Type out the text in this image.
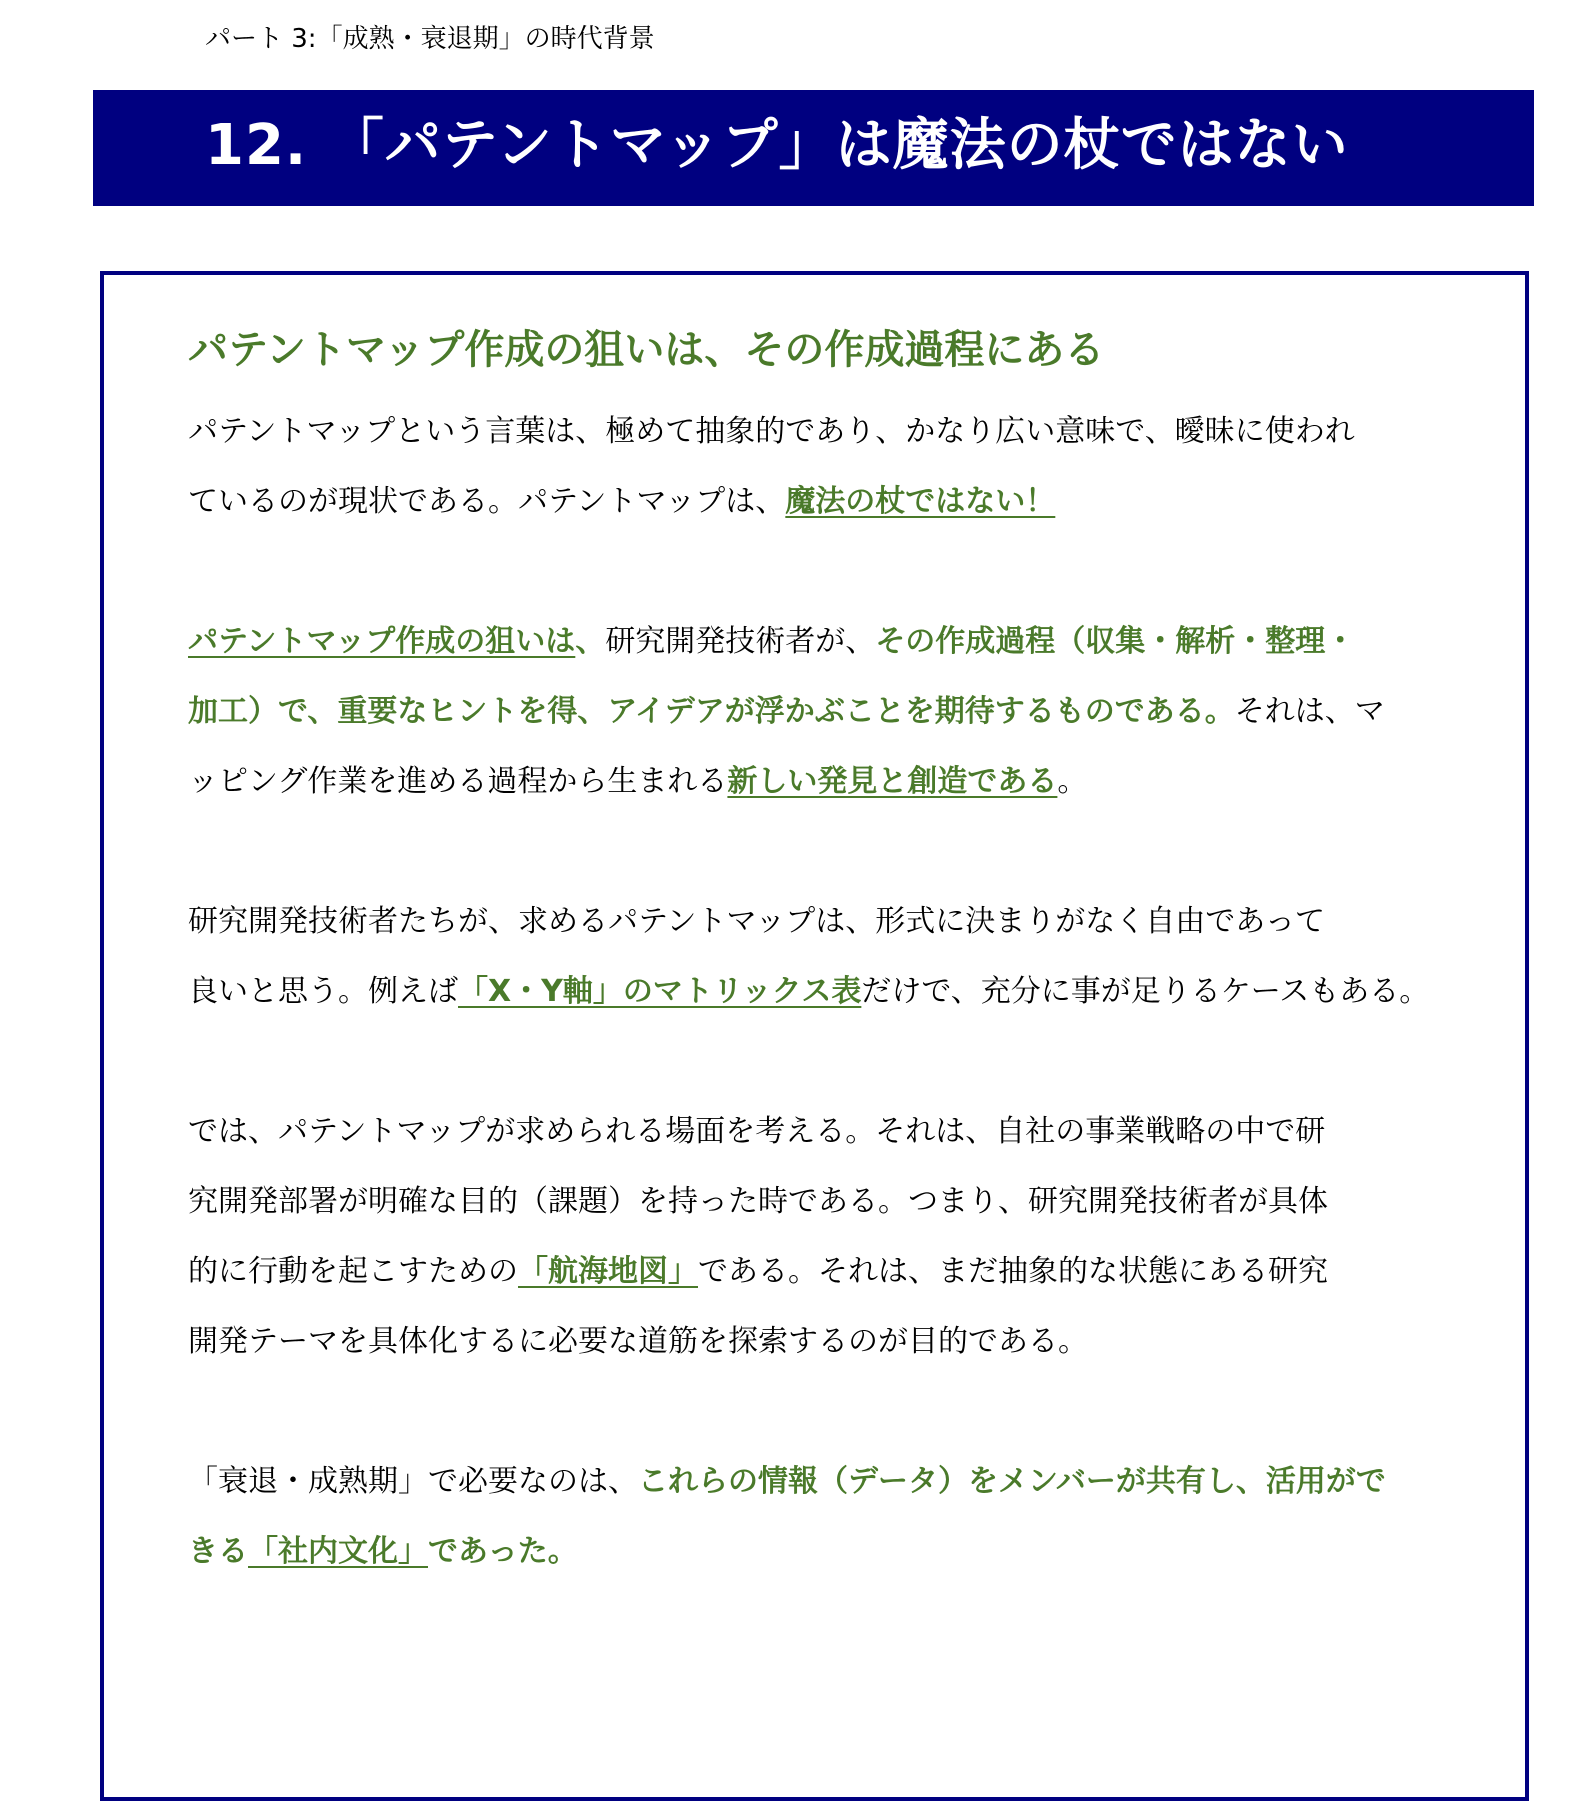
パート 3:「成熟・衰退期」の時代背景
12. 「パテントマップ」は魔法の杖ではない
パテントマップ作成の狙いは、その作成過程にある
パテントマップという言葉は、極めて抽象的であり、かなり広い意味で、曖昧に使われ
ているのが現状である。パテントマップは、魔法の杖ではない！
パテントマップ作成の狙いは、研究開発技術者が、その作成過程（収集・解析・整理・
加工）で、重要なヒントを得、アイデアが浮かぶことを期待するものである。それは、マ
ッピング作業を進める過程から生まれる新しい発見と創造である。
研究開発技術者たちが、求めるパテントマップは、形式に決まりがなく自由であって
良いと思う。例えば「X・Y軸」のマトリックス表だけで、充分に事が足りるケースもある。
では、パテントマップが求められる場面を考える。それは、自社の事業戦略の中で研
究開発部署が明確な目的（課題）を持った時である。つまり、研究開発技術者が具体
的に行動を起こすための「航海地図」である。それは、まだ抽象的な状態にある研究
開発テーマを具体化するに必要な道筋を探索するのが目的である。
「衰退・成熟期」で必要なのは、これらの情報（データ）をメンバーが共有し、活用がで
きる「社内文化」であった。
